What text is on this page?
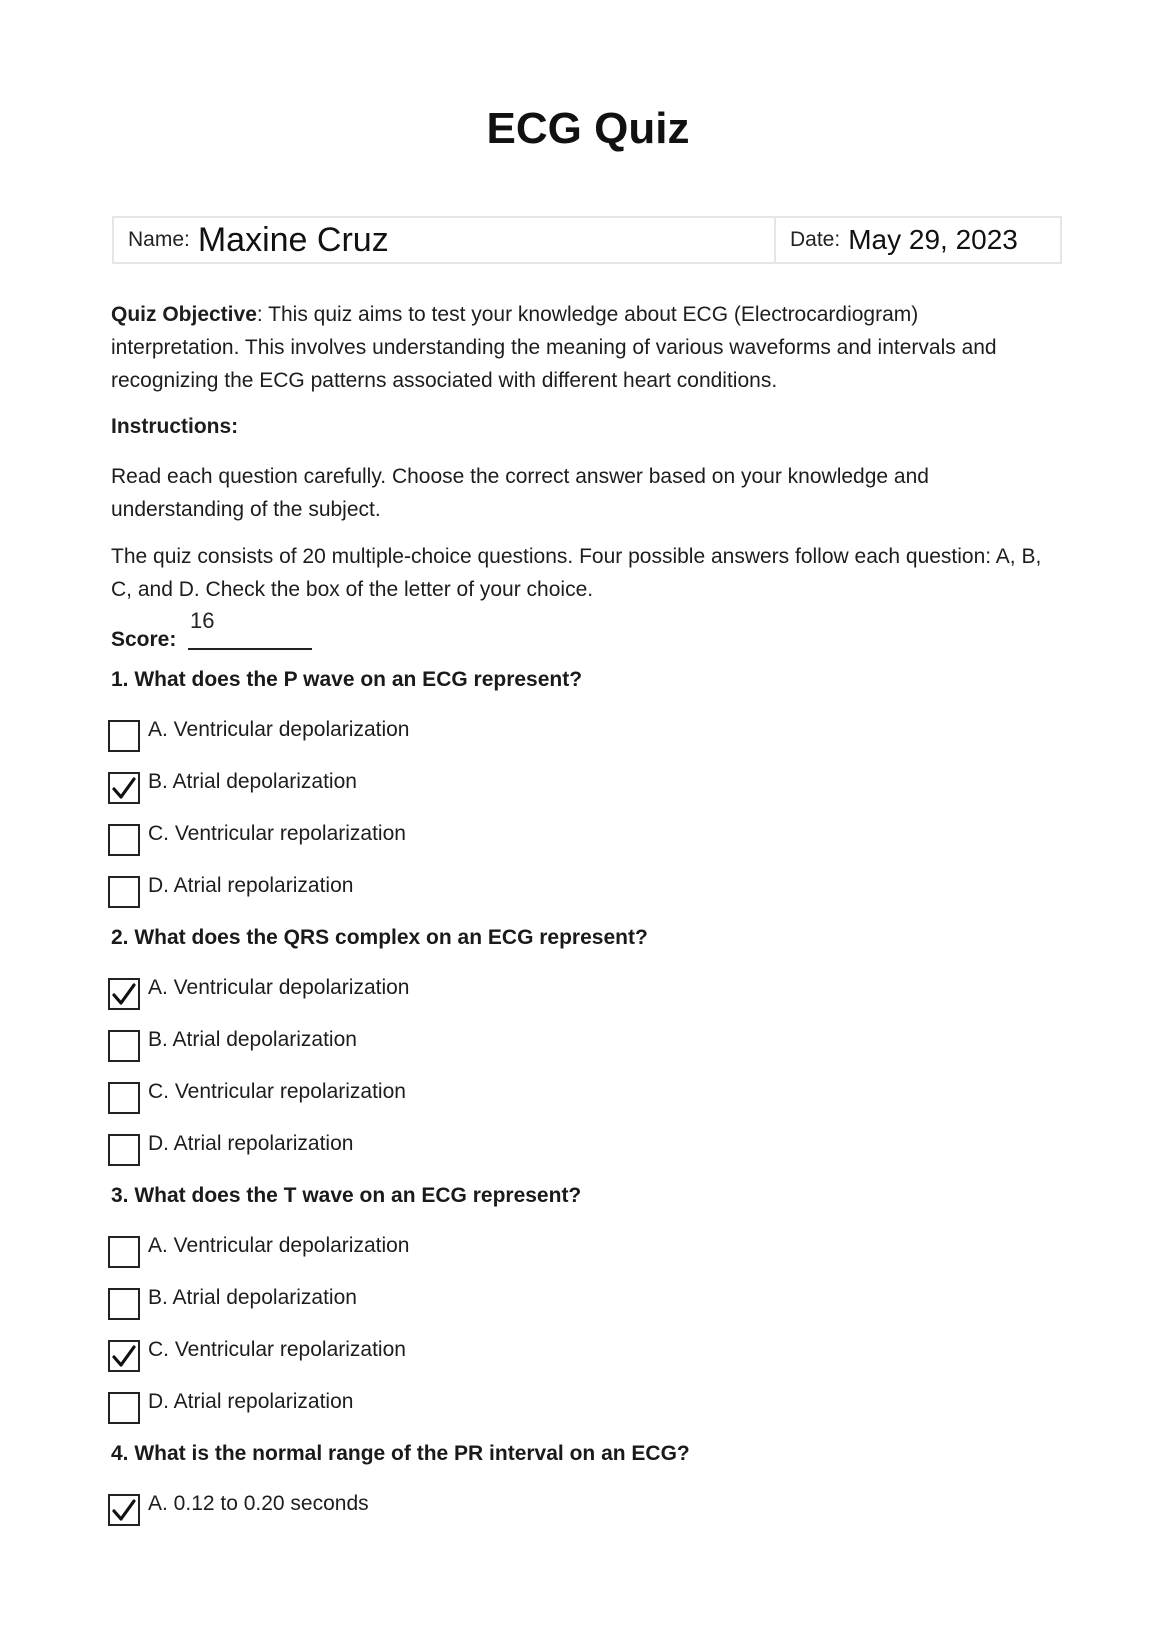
ECG Quiz
Name: Maxine Cruz	Date: May 29, 2023

Quiz Objective: This quiz aims to test your knowledge about ECG (Electrocardiogram) interpretation. This involves understanding the meaning of various waveforms and intervals and recognizing the ECG patterns associated with different heart conditions.

Instructions:

Read each question carefully. Choose the correct answer based on your knowledge and understanding of the subject.

The quiz consists of 20 multiple-choice questions. Four possible answers follow each question: A, B, C, and D. Check the box of the letter of your choice.

Score:
16
1. What does the P wave on an ECG represent?
A. Ventricular depolarization
B. Atrial depolarization
C. Ventricular repolarization
D. Atrial repolarization
2. What does the QRS complex on an ECG represent?
A. Ventricular depolarization
B. Atrial depolarization
C. Ventricular repolarization
D. Atrial repolarization
3. What does the T wave on an ECG represent?
A. Ventricular depolarization
B. Atrial depolarization
C. Ventricular repolarization
D. Atrial repolarization
4. What is the normal range of the PR interval on an ECG?
A. 0.12 to 0.20 seconds
